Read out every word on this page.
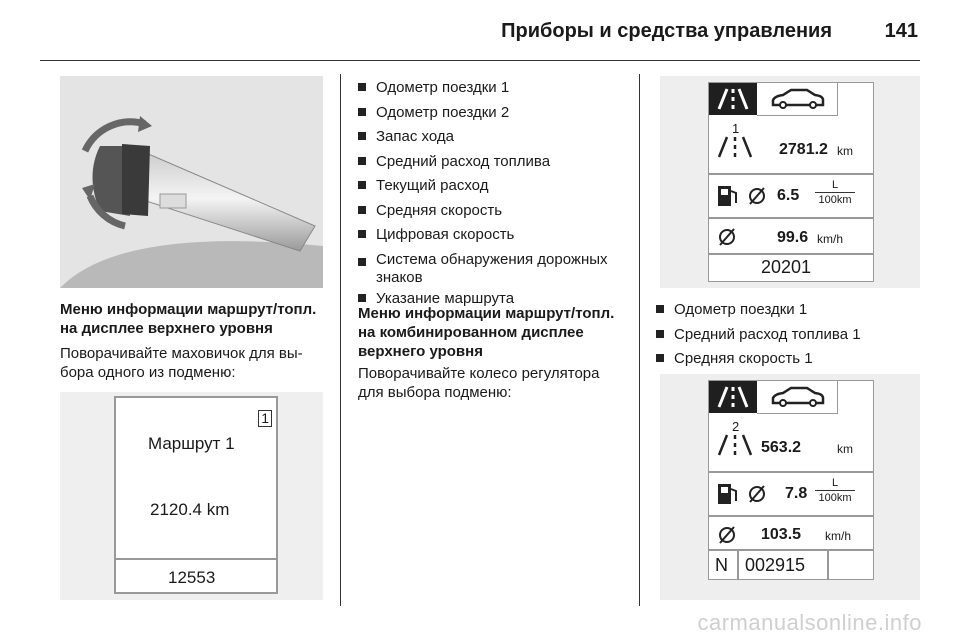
Приборы и средства управления	141
Меню информации маршрут/топл.
на дисплее верхнего уровня
Поворачивайте маховичок для вы-
бора одного из подменю:
1
Маршрут 1
2120.4 km
12553
Одометр поездки 1
Одометр поездки 2
Запас хода
Средний расход топлива
Текущий расход
Средняя скорость
Цифровая скорость
Система обнаружения дорожных
знаков
Указание маршрута
Меню информации маршрут/топл.
на комбинированном дисплее
верхнего уровня
Поворачивайте колесо регулятора
для выбора подменю:
1
2781.2 km
6.5
L
100km
99.6 km/h
20201
Одометр поездки 1
Средний расход топлива 1
Средняя скорость 1
2
563.2	km
7.8
L
100km
103.5 km/h
N 002915
carmanualsonline.info
